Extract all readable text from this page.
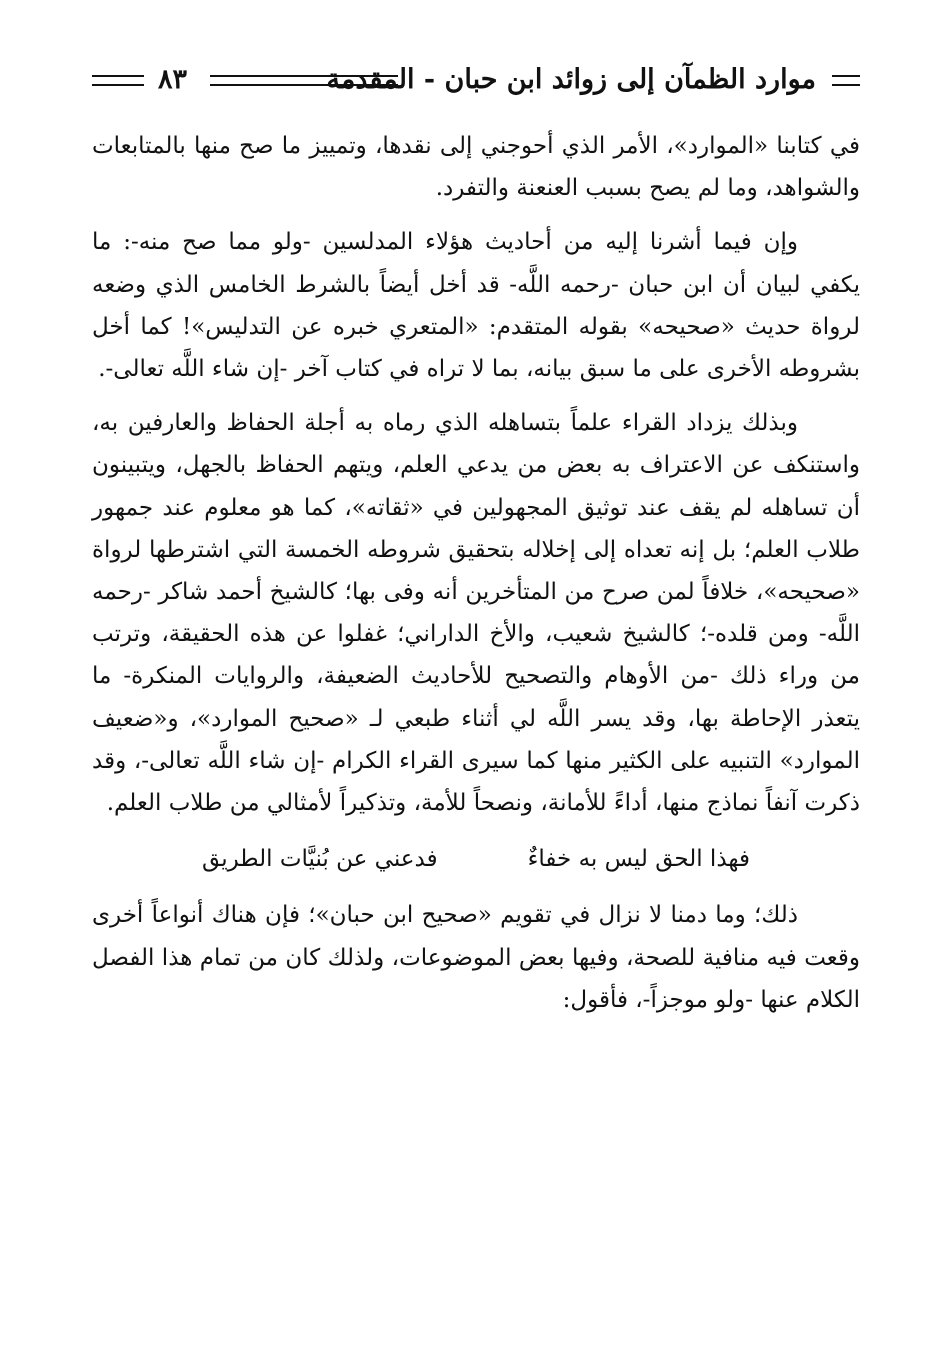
٨٣	موارد الظمآن إلى زوائد ابن حبان - المقدمة

في كتابنا «الموارد»، الأمر الذي أحوجني إلى نقدها، وتمييز ما صح منها بالمتابعات والشواهد، وما لم يصح بسبب العنعنة والتفرد.

وإن فيما أشرنا إليه من أحاديث هؤلاء المدلسين -ولو مما صح منه-: ما يكفي لبيان أن ابن حبان -رحمه اللَّه- قد أخل أيضاً بالشرط الخامس الذي وضعه لرواة حديث «صحيحه» بقوله المتقدم: «المتعري خبره عن التدليس»! كما أخل بشروطه الأخرى على ما سبق بيانه، بما لا تراه في كتاب آخر -إن شاء اللَّه تعالى-.

وبذلك يزداد القراء علماً بتساهله الذي رماه به أجلة الحفاظ والعارفين به، واستنكف عن الاعتراف به بعض من يدعي العلم، ويتهم الحفاظ بالجهل، ويتبينون أن تساهله لم يقف عند توثيق المجهولين في «ثقاته»، كما هو معلوم عند جمهور طلاب العلم؛ بل إنه تعداه إلى إخلاله بتحقيق شروطه الخمسة التي اشترطها لرواة «صحيحه»، خلافاً لمن صرح من المتأخرين أنه وفى بها؛ كالشيخ أحمد شاكر -رحمه اللَّه- ومن قلده-؛ كالشيخ شعيب، والأخ الداراني؛ غفلوا عن هذه الحقيقة، وترتب من وراء ذلك -من الأوهام والتصحيح للأحاديث الضعيفة، والروايات المنكرة- ما يتعذر الإحاطة بها، وقد يسر اللَّه لي أثناء طبعي لـ «صحيح الموارد»، و«ضعيف الموارد» التنبيه على الكثير منها كما سيرى القراء الكرام -إن شاء اللَّه تعالى-، وقد ذكرت آنفاً نماذج منها، أداءً للأمانة، ونصحاً للأمة، وتذكيراً لأمثالي من طلاب العلم.

فهذا الحق ليس به خفاءٌ
فدعني عن بُنيَّات الطريق

ذلك؛ وما دمنا لا نزال في تقويم «صحيح ابن حبان»؛ فإن هناك أنواعاً أخرى وقعت فيه منافية للصحة، وفيها بعض الموضوعات، ولذلك كان من تمام هذا الفصل الكلام عنها -ولو موجزاً-، فأقول:
